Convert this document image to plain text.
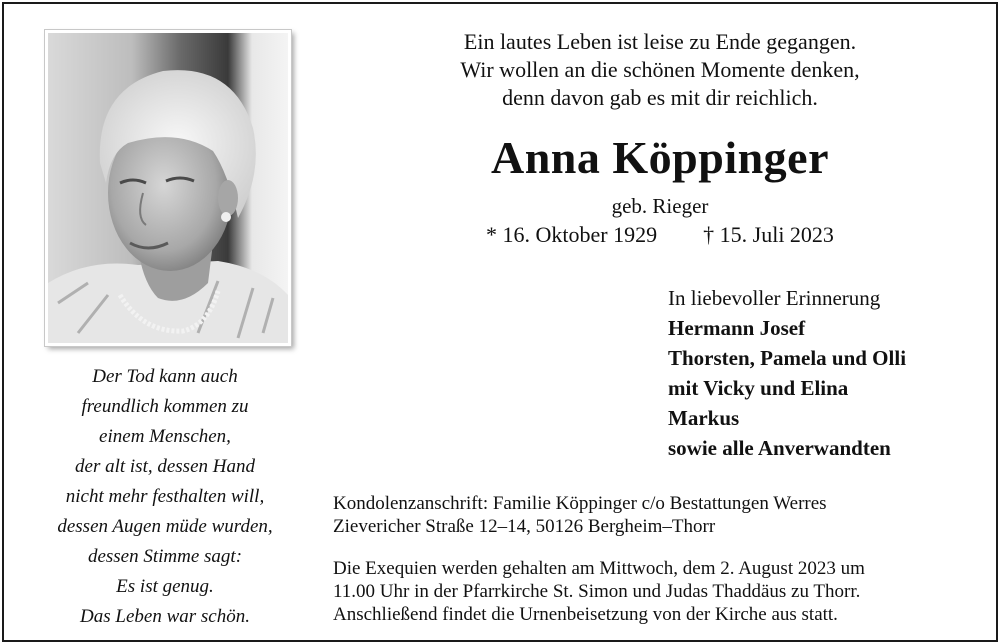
Der Tod kann auch
freundlich kommen zu
einem Menschen,
der alt ist, dessen Hand
nicht mehr festhalten will,
dessen Augen müde wurden,
dessen Stimme sagt:
Es ist genug.
Das Leben war schön.
Ein lautes Leben ist leise zu Ende gegangen.
Wir wollen an die schönen Momente denken,
denn davon gab es mit dir reichlich.
Anna Köppinger
geb. Rieger
* 16. Oktober 1929 † 15. Juli 2023
In liebevoller Erinnerung
Hermann Josef
Thorsten, Pamela und Olli
mit Vicky und Elina
Markus
sowie alle Anverwandten
Kondolenzanschrift: Familie Köppinger c/o Bestattungen Werres
Zievericher Straße 12–14, 50126 Bergheim–Thorr
Die Exequien werden gehalten am Mittwoch, dem 2. August 2023 um
11.00 Uhr in der Pfarrkirche St. Simon und Judas Thaddäus zu Thorr.
Anschließend findet die Urnenbeisetzung von der Kirche aus statt.
